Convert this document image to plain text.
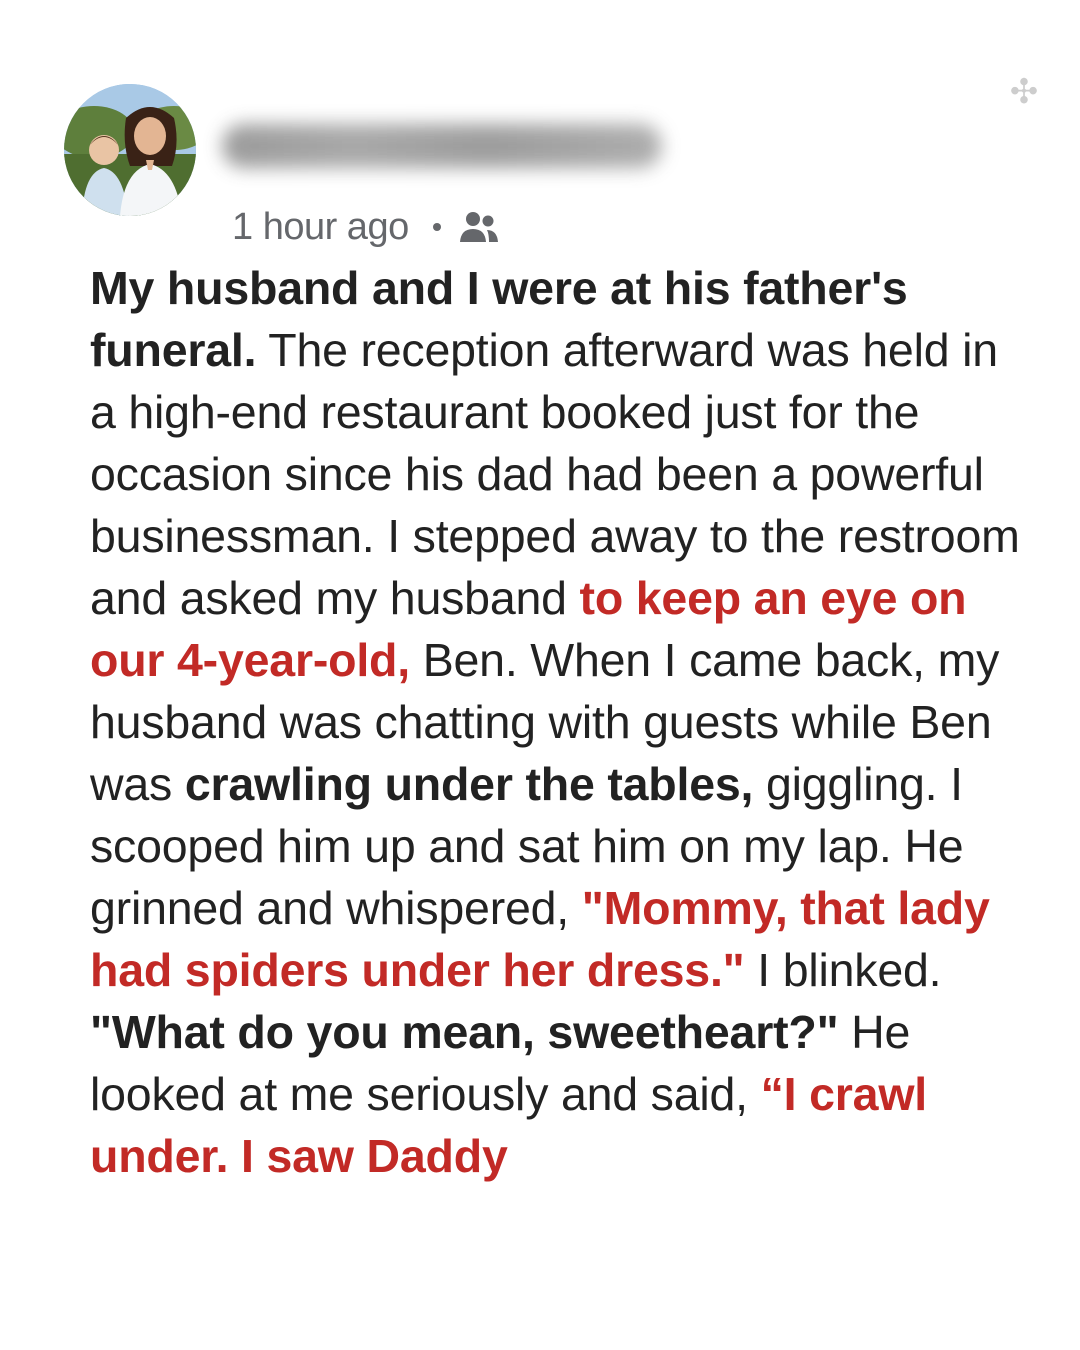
✣
1 hour ago

My husband and I were at his father's funeral. The reception afterward was held in a high-end restaurant booked just for the occasion since his dad had been a powerful businessman. I stepped away to the restroom and asked my husband to keep an eye on our 4-year-old, Ben. When I came back, my husband was chatting with guests while Ben was crawling under the tables, giggling. I scooped him up and sat him on my lap. He grinned and whispered, "Mommy, that lady had spiders under her dress." I blinked. "What do you mean, sweetheart?" He looked at me seriously and said, “I crawl under. I saw Daddy
